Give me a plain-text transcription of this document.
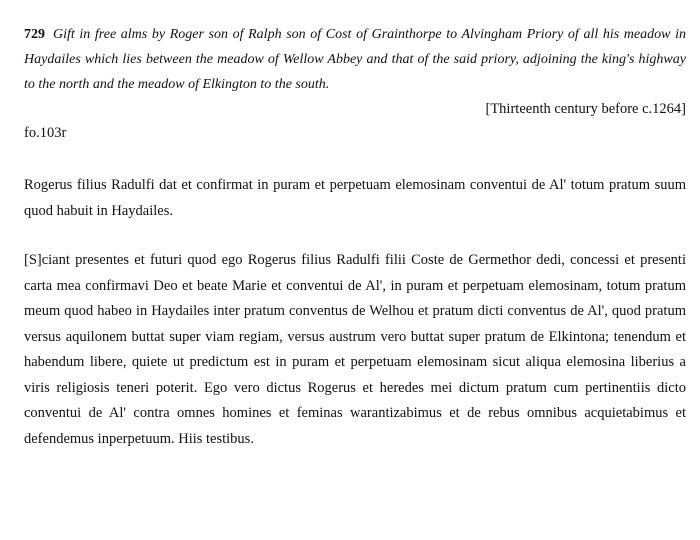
729 Gift in free alms by Roger son of Ralph son of Cost of Grainthorpe to Alvingham Priory of all his meadow in Haydailes which lies between the meadow of Wellow Abbey and that of the said priory, adjoining the king's highway to the north and the meadow of Elkington to the south.

[Thirteenth century before c.1264]

fo.103r

Rogerus filius Radulfi dat et confirmat in puram et perpetuam elemosinam conventui de Al' totum pratum suum quod habuit in Haydailes.

[S]ciant presentes et futuri quod ego Rogerus filius Radulfi filii Coste de Germethor dedi, concessi et presenti carta mea confirmavi Deo et beate Marie et conventui de Al', in puram et perpetuam elemosinam, totum pratum meum quod habeo in Haydailes inter pratum conventus de Welhou et pratum dicti conventus de Al', quod pratum versus aquilonem buttat super viam regiam, versus austrum vero buttat super pratum de Elkintona; tenendum et habendum libere, quiete ut predictum est in puram et perpetuam elemosinam sicut aliqua elemosina liberius a viris religiosis teneri poterit. Ego vero dictus Rogerus et heredes mei dictum pratum cum pertinentiis dicto conventui de Al' contra omnes homines et feminas warantizabimus et de rebus omnibus acquietabimus et defendemus inperpetuum. Hiis testibus.
